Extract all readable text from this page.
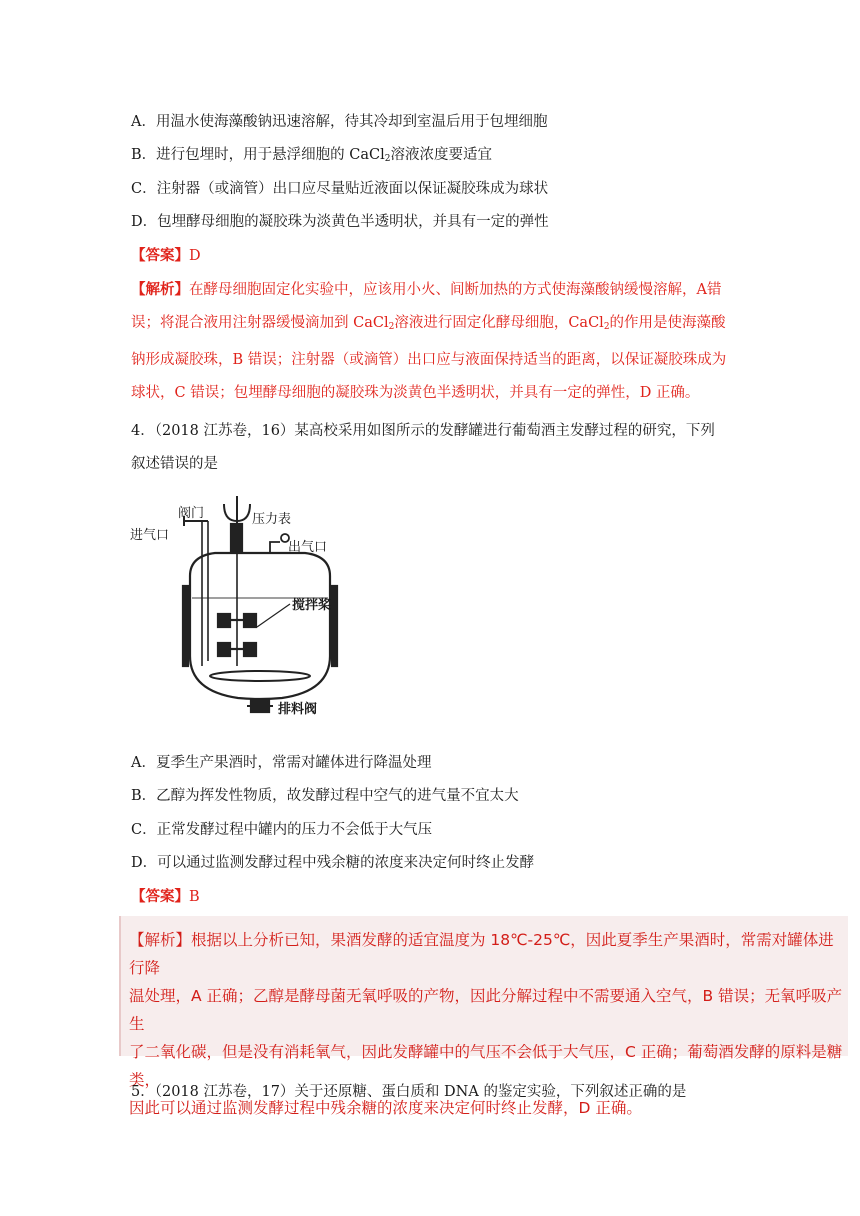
A．用温水使海藻酸钠迅速溶解，待其冷却到室温后用于包埋细胞
B．进行包埋时，用于悬浮细胞的 CaCl$_2$溶液浓度要适宜
C．注射器（或滴管）出口应尽量贴近液面以保证凝胶珠成为球状
D．包埋酵母细胞的凝胶珠为淡黄色半透明状，并具有一定的弹性
【答案】D
【解析】在酵母细胞固定化实验中，应该用小火、间断加热的方式使海藻酸钠缓慢溶解，A错误；将混合液用注射器缓慢滴加到 CaCl$_2$溶液进行固定化酵母细胞，CaCl$_2$的作用是使海藻酸钠形成凝胶珠，B 错误；注射器（或滴管）出口应与液面保持适当的距离，以保证凝胶珠成为球状，C 错误；包埋酵母细胞的凝胶珠为淡黄色半透明状，并具有一定的弹性，D 正确。
4．（2018 江苏卷，16）某高校采用如图所示的发酵罐进行葡萄酒主发酵过程的研究，下列
叙述错误的是
阀门
进气口
压力表
出气口
搅拌桨
排料阀
A．夏季生产果酒时，常需对罐体进行降温处理
B．乙醇为挥发性物质，故发酵过程中空气的进气量不宜太大
C．正常发酵过程中罐内的压力不会低于大气压
D．可以通过监测发酵过程中残余糖的浓度来决定何时终止发酵
【答案】B

【解析】根据以上分析已知，果酒发酵的适宜温度为 18℃-25℃，因此夏季生产果酒时，常需对罐体进行降

温处理，A 正确；乙醇是酵母菌无氧呼吸的产物，因此分解过程中不需要通入空气，B 错误；无氧呼吸产生

了二氧化碳，但是没有消耗氧气，因此发酵罐中的气压不会低于大气压，C 正确；葡萄酒发酵的原料是糖类，

因此可以通过监测发酵过程中残余糖的浓度来决定何时终止发酵，D 正确。

5．（2018 江苏卷，17）关于还原糖、蛋白质和 DNA 的鉴定实验，下列叙述正确的是
